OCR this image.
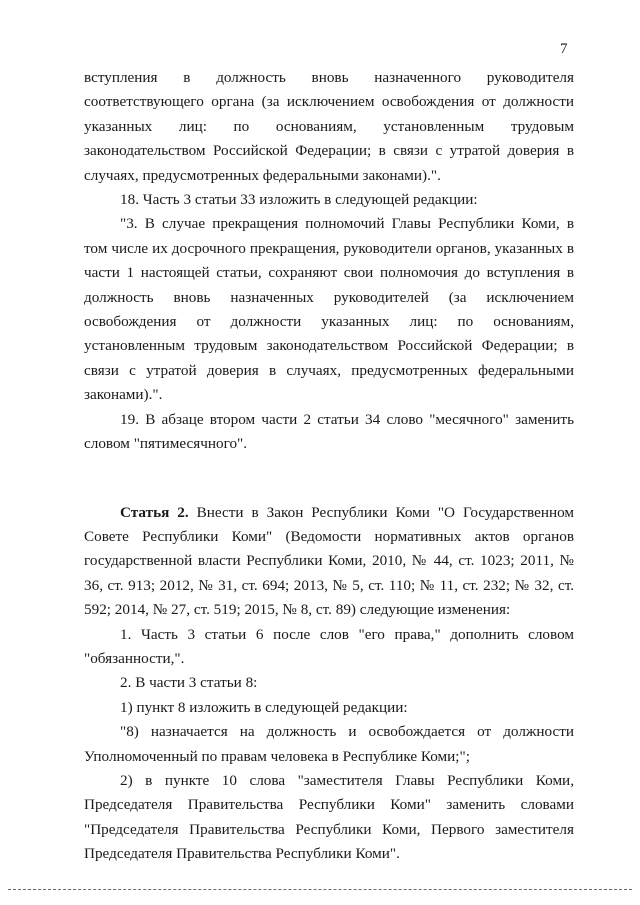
7

вступления в должность вновь назначенного руководителя соответствующего органа (за исключением освобождения от должности указанных лиц: по основаниям, установленным трудовым законодательством Российской Федерации; в связи с утратой доверия в случаях, предусмотренных федеральными законами).".

18. Часть 3 статьи 33 изложить в следующей редакции:

"3. В случае прекращения полномочий Главы Республики Коми, в том числе их досрочного прекращения, руководители органов, указанных в части 1 настоящей статьи, сохраняют свои полномочия до вступления в должность вновь назначенных руководителей (за исключением освобождения от должности указанных лиц: по основаниям, установленным трудовым законодательством Российской Федерации; в связи с утратой доверия в случаях, предусмотренных федеральными законами).".

19. В абзаце втором части 2 статьи 34 слово "месячного" заменить словом "пятимесячного".

Статья 2. Внести в Закон Республики Коми "О Государственном Совете Республики Коми" (Ведомости нормативных актов органов государственной власти Республики Коми, 2010, № 44, ст. 1023; 2011, № 36, ст. 913; 2012, № 31, ст. 694; 2013, № 5, ст. 110; № 11, ст. 232; № 32, ст. 592; 2014, № 27, ст. 519; 2015, № 8, ст. 89) следующие изменения:

1. Часть 3 статьи 6 после слов "его права," дополнить словом "обязанности,".

2. В части 3 статьи 8:

1) пункт 8 изложить в следующей редакции:

"8) назначается на должность и освобождается от должности Уполномоченный по правам человека в Республике Коми;";

2) в пункте 10 слова "заместителя Главы Республики Коми, Председателя Правительства Республики Коми" заменить словами "Председателя Правительства Республики Коми, Первого заместителя Председателя Правительства Республики Коми".
